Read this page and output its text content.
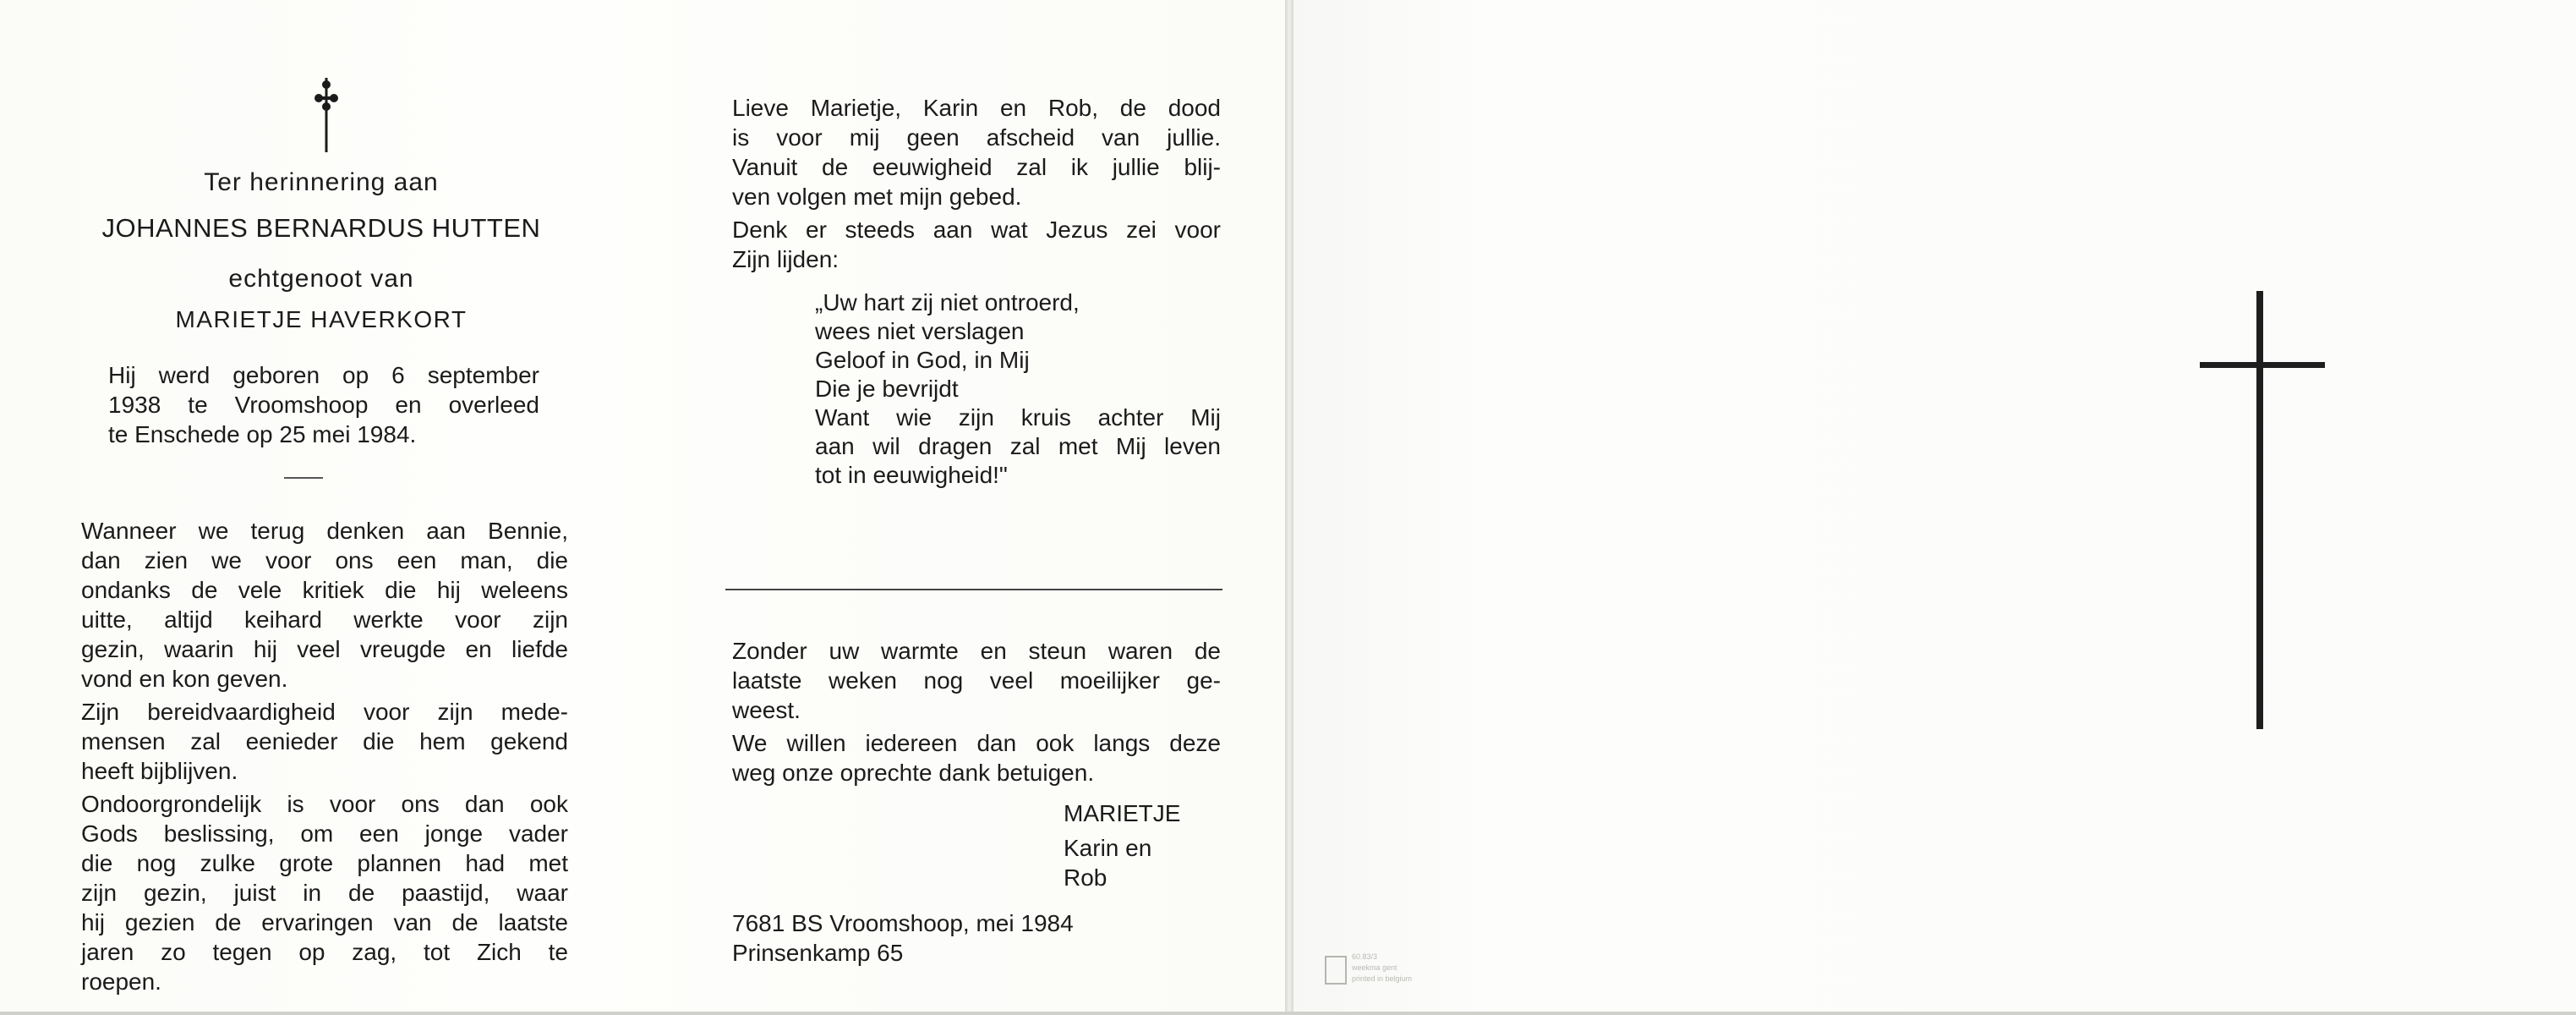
Ter herinnering aan

JOHANNES BERNARDUS HUTTEN

echtgenoot van

MARIETJE HAVERKORT

Hij werd geboren op 6 september

1938 te Vroomshoop en overleed

te Enschede op 25 mei 1984.

Wanneer we terug denken aan Bennie,

dan zien we voor ons een man, die

ondanks de vele kritiek die hij weleens

uitte, altijd keihard werkte voor zijn

gezin, waarin hij veel vreugde en liefde

vond en kon geven.

Zijn bereidvaardigheid voor zijn mede-

mensen zal eenieder die hem gekend

heeft bijblijven.

Ondoorgrondelijk is voor ons dan ook

Gods beslissing, om een jonge vader

die nog zulke grote plannen had met

zijn gezin, juist in de paastijd, waar

hij gezien de ervaringen van de laatste

jaren zo tegen op zag, tot Zich te

roepen.

Lieve Marietje, Karin en Rob, de dood

is voor mij geen afscheid van jullie.

Vanuit de eeuwigheid zal ik jullie blij-

ven volgen met mijn gebed.

Denk er steeds aan wat Jezus zei voor

Zijn lijden:

„Uw hart zij niet ontroerd,

wees niet verslagen

Geloof in God, in Mij

Die je bevrijdt

Want wie zijn kruis achter Mij

aan wil dragen zal met Mij leven

tot in eeuwigheid!"

Zonder uw warmte en steun waren de

laatste weken nog veel moeilijker ge-

weest.

We willen iedereen dan ook langs deze

weg onze oprechte dank betuigen.

MARIETJE

Karin en

Rob

7681 BS Vroomshoop, mei 1984

Prinsenkamp 65	60.83/3
weekma gent
printed in belgium
